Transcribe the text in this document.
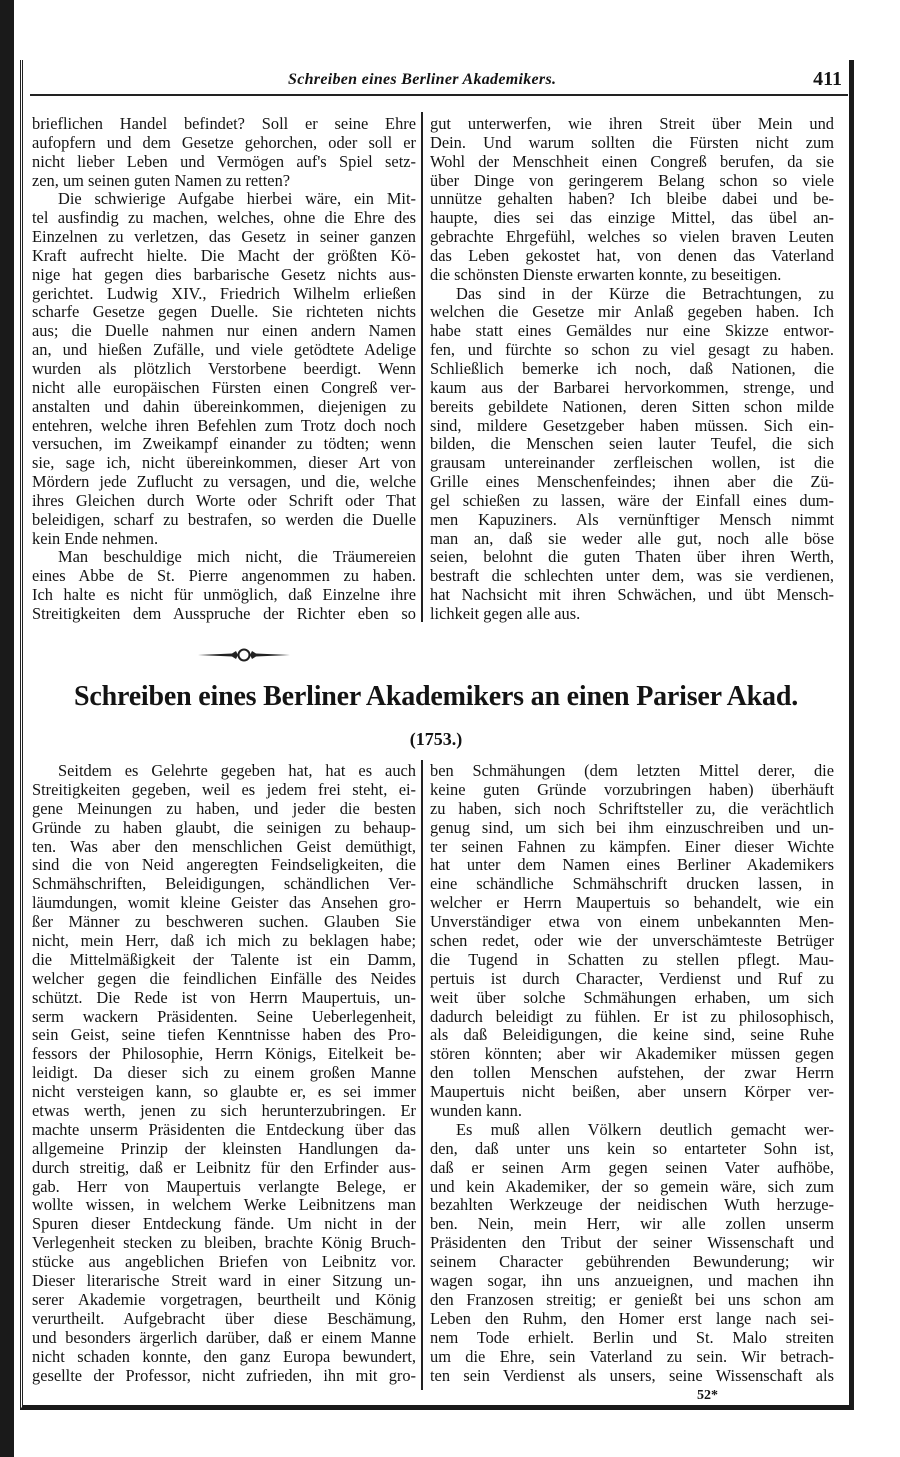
Schreiben eines Berliner Akademikers.	411
brieflichen Handel befindet? Soll er seine Ehre
aufopfern und dem Gesetze gehorchen, oder soll er
nicht lieber Leben und Vermögen auf's Spiel setz-
zen, um seinen guten Namen zu retten?
Die schwierige Aufgabe hierbei wäre, ein Mit-
tel ausfindig zu machen, welches, ohne die Ehre des
Einzelnen zu verletzen, das Gesetz in seiner ganzen
Kraft aufrecht hielte. Die Macht der größten Kö-
nige hat gegen dies barbarische Gesetz nichts aus-
gerichtet. Ludwig XIV., Friedrich Wilhelm erließen
scharfe Gesetze gegen Duelle. Sie richteten nichts
aus; die Duelle nahmen nur einen andern Namen
an, und hießen Zufälle, und viele getödtete Adelige
wurden als plötzlich Verstorbene beerdigt. Wenn
nicht alle europäischen Fürsten einen Congreß ver-
anstalten und dahin übereinkommen, diejenigen zu
entehren, welche ihren Befehlen zum Trotz doch noch
versuchen, im Zweikampf einander zu tödten; wenn
sie, sage ich, nicht übereinkommen, dieser Art von
Mördern jede Zuflucht zu versagen, und die, welche
ihres Gleichen durch Worte oder Schrift oder That
beleidigen, scharf zu bestrafen, so werden die Duelle
kein Ende nehmen.
Man beschuldige mich nicht, die Träumereien
eines Abbe de St. Pierre angenommen zu haben.
Ich halte es nicht für unmöglich, daß Einzelne ihre
Streitigkeiten dem Ausspruche der Richter eben so
gut unterwerfen, wie ihren Streit über Mein und
Dein. Und warum sollten die Fürsten nicht zum
Wohl der Menschheit einen Congreß berufen, da sie
über Dinge von geringerem Belang schon so viele
unnütze gehalten haben? Ich bleibe dabei und be-
haupte, dies sei das einzige Mittel, das übel an-
gebrachte Ehrgefühl, welches so vielen braven Leuten
das Leben gekostet hat, von denen das Vaterland
die schönsten Dienste erwarten konnte, zu beseitigen.
Das sind in der Kürze die Betrachtungen, zu
welchen die Gesetze mir Anlaß gegeben haben. Ich
habe statt eines Gemäldes nur eine Skizze entwor-
fen, und fürchte so schon zu viel gesagt zu haben.
Schließlich bemerke ich noch, daß Nationen, die
kaum aus der Barbarei hervorkommen, strenge, und
bereits gebildete Nationen, deren Sitten schon milde
sind, mildere Gesetzgeber haben müssen. Sich ein-
bilden, die Menschen seien lauter Teufel, die sich
grausam untereinander zerfleischen wollen, ist die
Grille eines Menschenfeindes; ihnen aber die Zü-
gel schießen zu lassen, wäre der Einfall eines dum-
men Kapuziners. Als vernünftiger Mensch nimmt
man an, daß sie weder alle gut, noch alle böse
seien, belohnt die guten Thaten über ihren Werth,
bestraft die schlechten unter dem, was sie verdienen,
hat Nachsicht mit ihren Schwächen, und übt Mensch-
lichkeit gegen alle aus.
Schreiben eines Berliner Akademikers an einen Pariser Akad.
(1753.)
Seitdem es Gelehrte gegeben hat, hat es auch
Streitigkeiten gegeben, weil es jedem frei steht, ei-
gene Meinungen zu haben, und jeder die besten
Gründe zu haben glaubt, die seinigen zu behaup-
ten. Was aber den menschlichen Geist demüthigt,
sind die von Neid angeregten Feindseligkeiten, die
Schmähschriften, Beleidigungen, schändlichen Ver-
läumdungen, womit kleine Geister das Ansehen gro-
ßer Männer zu beschweren suchen. Glauben Sie
nicht, mein Herr, daß ich mich zu beklagen habe;
die Mittelmäßigkeit der Talente ist ein Damm,
welcher gegen die feindlichen Einfälle des Neides
schützt. Die Rede ist von Herrn Maupertuis, un-
serm wackern Präsidenten. Seine Ueberlegenheit,
sein Geist, seine tiefen Kenntnisse haben des Pro-
fessors der Philosophie, Herrn Königs, Eitelkeit be-
leidigt. Da dieser sich zu einem großen Manne
nicht versteigen kann, so glaubte er, es sei immer
etwas werth, jenen zu sich herunterzubringen. Er
machte unserm Präsidenten die Entdeckung über das
allgemeine Prinzip der kleinsten Handlungen da-
durch streitig, daß er Leibnitz für den Erfinder aus-
gab. Herr von Maupertuis verlangte Belege, er
wollte wissen, in welchem Werke Leibnitzens man
Spuren dieser Entdeckung fände. Um nicht in der
Verlegenheit stecken zu bleiben, brachte König Bruch-
stücke aus angeblichen Briefen von Leibnitz vor.
Dieser literarische Streit ward in einer Sitzung un-
serer Akademie vorgetragen, beurtheilt und König
verurtheilt. Aufgebracht über diese Beschämung,
und besonders ärgerlich darüber, daß er einem Manne
nicht schaden konnte, den ganz Europa bewundert,
gesellte der Professor, nicht zufrieden, ihn mit gro-
ben Schmähungen (dem letzten Mittel derer, die
keine guten Gründe vorzubringen haben) überhäuft
zu haben, sich noch Schriftsteller zu, die verächtlich
genug sind, um sich bei ihm einzuschreiben und un-
ter seinen Fahnen zu kämpfen. Einer dieser Wichte
hat unter dem Namen eines Berliner Akademikers
eine schändliche Schmähschrift drucken lassen, in
welcher er Herrn Maupertuis so behandelt, wie ein
Unverständiger etwa von einem unbekannten Men-
schen redet, oder wie der unverschämteste Betrüger
die Tugend in Schatten zu stellen pflegt. Mau-
pertuis ist durch Character, Verdienst und Ruf zu
weit über solche Schmähungen erhaben, um sich
dadurch beleidigt zu fühlen. Er ist zu philosophisch,
als daß Beleidigungen, die keine sind, seine Ruhe
stören könnten; aber wir Akademiker müssen gegen
den tollen Menschen aufstehen, der zwar Herrn
Maupertuis nicht beißen, aber unsern Körper ver-
wunden kann.
Es muß allen Völkern deutlich gemacht wer-
den, daß unter uns kein so entarteter Sohn ist,
daß er seinen Arm gegen seinen Vater aufhöbe,
und kein Akademiker, der so gemein wäre, sich zum
bezahlten Werkzeuge der neidischen Wuth herzuge-
ben. Nein, mein Herr, wir alle zollen unserm
Präsidenten den Tribut der seiner Wissenschaft und
seinem Character gebührenden Bewunderung; wir
wagen sogar, ihn uns anzueignen, und machen ihn
den Franzosen streitig; er genießt bei uns schon am
Leben den Ruhm, den Homer erst lange nach sei-
nem Tode erhielt. Berlin und St. Malo streiten
um die Ehre, sein Vaterland zu sein. Wir betrach-
ten sein Verdienst als unsers, seine Wissenschaft als
52*
